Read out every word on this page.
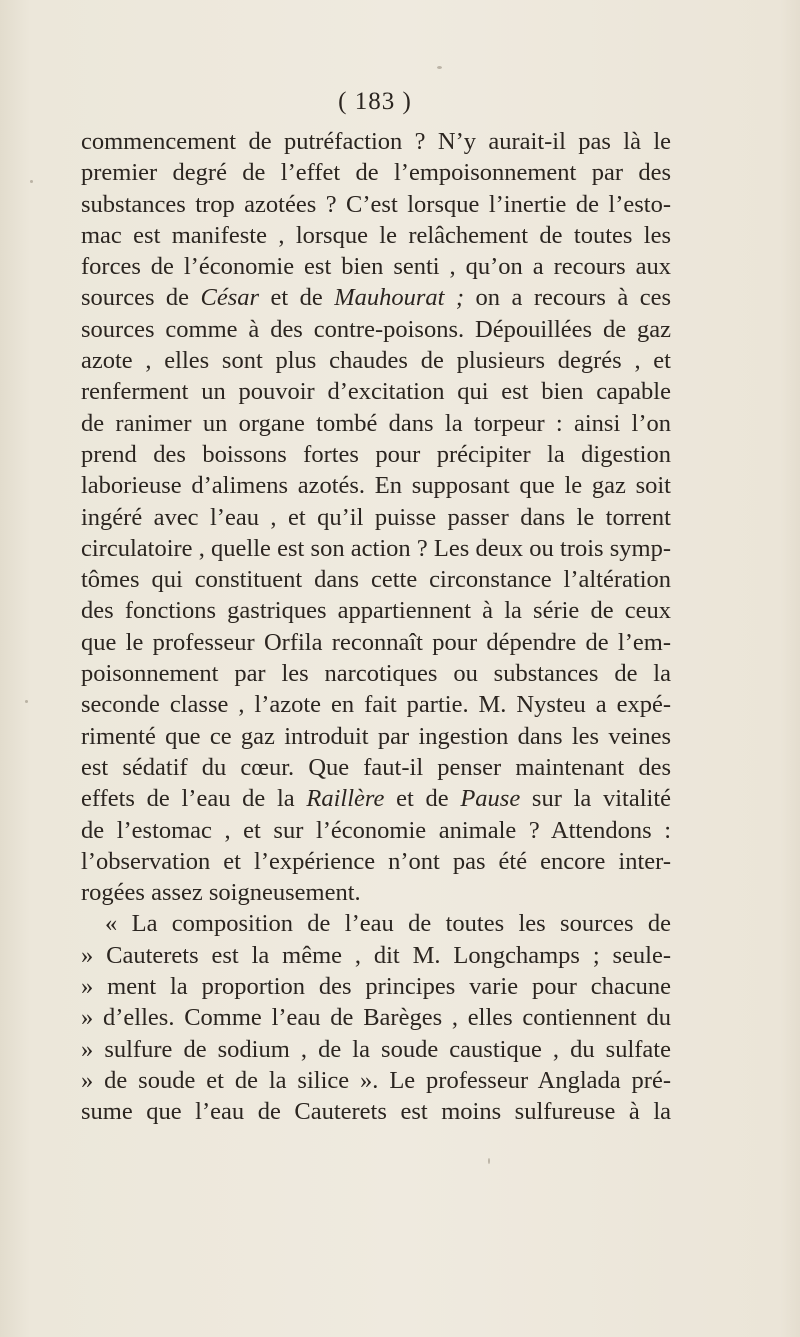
( 183 )
commencement de putréfaction ? N’y aurait-il pas là le
premier degré de l’effet de l’empoisonnement par des
substances trop azotées ? C’est lorsque l’inertie de l’esto-
mac est manifeste , lorsque le relâchement de toutes les
forces de l’économie est bien senti , qu’on a recours aux
sources de César et de Mauhourat ; on a recours à ces
sources comme à des contre-poisons. Dépouillées de gaz
azote , elles sont plus chaudes de plusieurs degrés , et
renferment un pouvoir d’excitation qui est bien capable
de ranimer un organe tombé dans la torpeur : ainsi l’on
prend des boissons fortes pour précipiter la digestion
laborieuse d’alimens azotés. En supposant que le gaz soit
ingéré avec l’eau , et qu’il puisse passer dans le torrent
circulatoire , quelle est son action ? Les deux ou trois symp-
tômes qui constituent dans cette circonstance l’altération
des fonctions gastriques appartiennent à la série de ceux
que le professeur Orfila reconnaît pour dépendre de l’em-
poisonnement par les narcotiques ou substances de la
seconde classe , l’azote en fait partie. M. Nysteu a expé-
rimenté que ce gaz introduit par ingestion dans les veines
est sédatif du cœur. Que faut-il penser maintenant des
effets de l’eau de la Raillère et de Pause sur la vitalité
de l’estomac , et sur l’économie animale ? Attendons :
l’observation et l’expérience n’ont pas été encore inter-
rogées assez soigneusement.
« La composition de l’eau de toutes les sources de
» Cauterets est la même , dit M. Longchamps ; seule-
» ment la proportion des principes varie pour chacune
» d’elles. Comme l’eau de Barèges , elles contiennent du
» sulfure de sodium , de la soude caustique , du sulfate
» de soude et de la silice ». Le professeur Anglada pré-
sume que l’eau de Cauterets est moins sulfureuse à la
